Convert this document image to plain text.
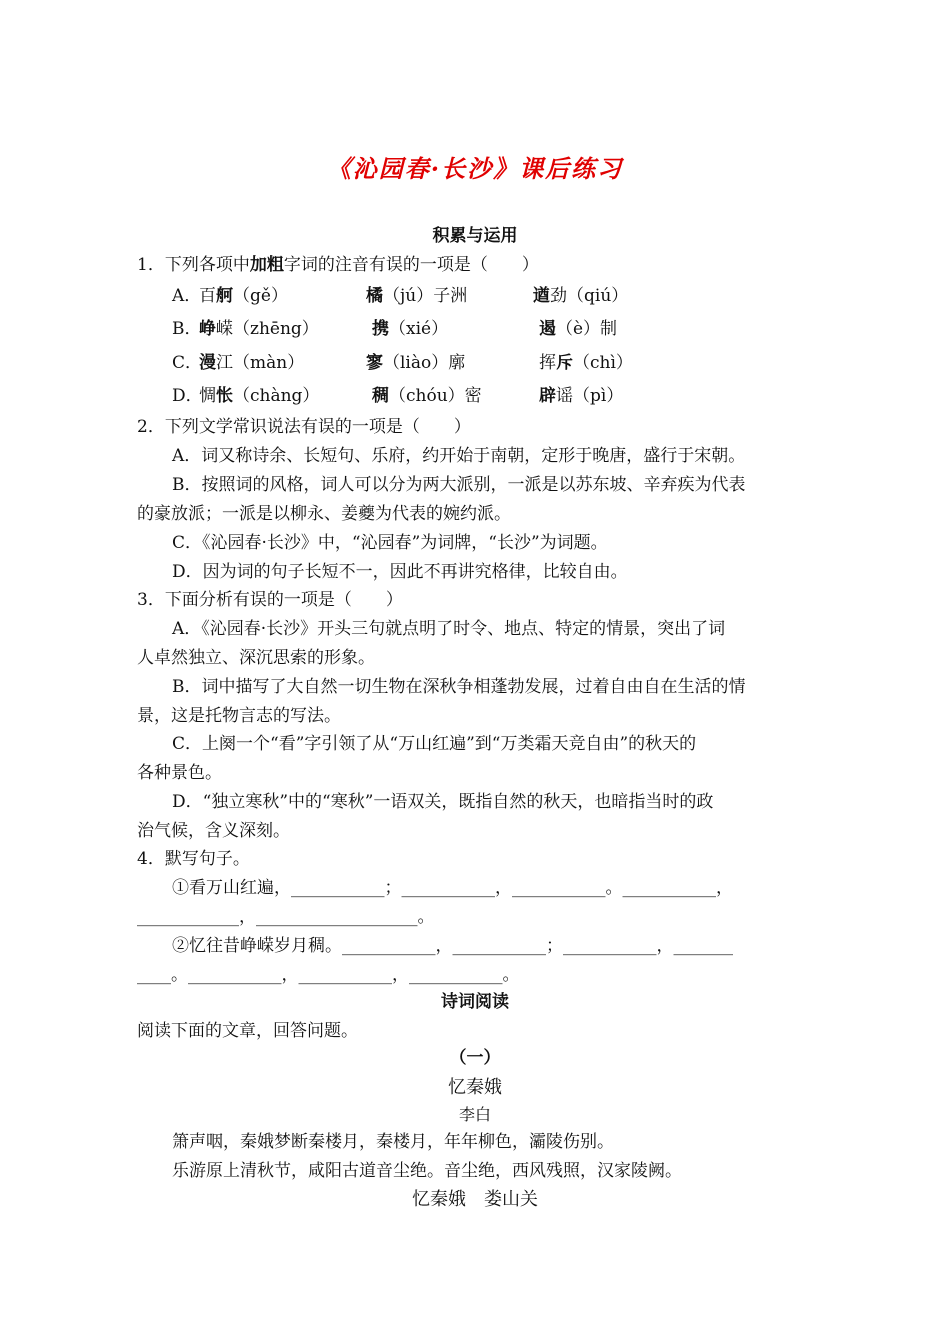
《沁园春·长沙》课后练习
积累与运用
1．下列各项中加粗字词的注音有误的一项是（　　）
A．
百舸（gě）	橘（jú）子洲	遒劲（qiú）
B．
峥嵘（zhēng）	携（xié）	遏（è）制
C．
漫江（màn）	寥（liào）廓	挥斥（chì）
D．
惆怅（chàng）	稠（chóu）密	辟谣（pì）
2．下列文学常识说法有误的一项是（　　）
A．词又称诗余、长短句、乐府，约开始于南朝，定形于晚唐，盛行于宋朝。
B．按照词的风格，词人可以分为两大派别，一派是以苏东坡、辛弃疾为代表
的豪放派；一派是以柳永、姜夔为代表的婉约派。
C．《沁园春·长沙》中，“沁园春”为词牌，“长沙”为词题。
D．因为词的句子长短不一，因此不再讲究格律，比较自由。
3．下面分析有误的一项是（　　）
A．《沁园春·长沙》开头三句就点明了时令、地点、特定的情景，突出了词
人卓然独立、深沉思索的形象。
B．词中描写了大自然一切生物在深秋争相蓬勃发展，过着自由自在生活的情
景，这是托物言志的写法。
C．上阕一个“看”字引领了从“万山红遍”到“万类霜天竞自由”的秋天的
各种景色。
D．“独立寒秋”中的“寒秋”一语双关，既指自然的秋天，也暗指当时的政
治气候，含义深刻。
4．默写句子。
①看万山红遍，___________；___________，___________。___________，
____________，___________________。
②忆往昔峥嵘岁月稠。___________，___________；___________，_______
____。___________，___________，___________。
诗词阅读
阅读下面的文章，回答问题。
（一）
忆秦娥
李白
箫声咽，秦娥梦断秦楼月，秦楼月，年年柳色，灞陵伤别。
乐游原上清秋节，咸阳古道音尘绝。音尘绝，西风残照，汉家陵阙。
忆秦娥　娄山关
